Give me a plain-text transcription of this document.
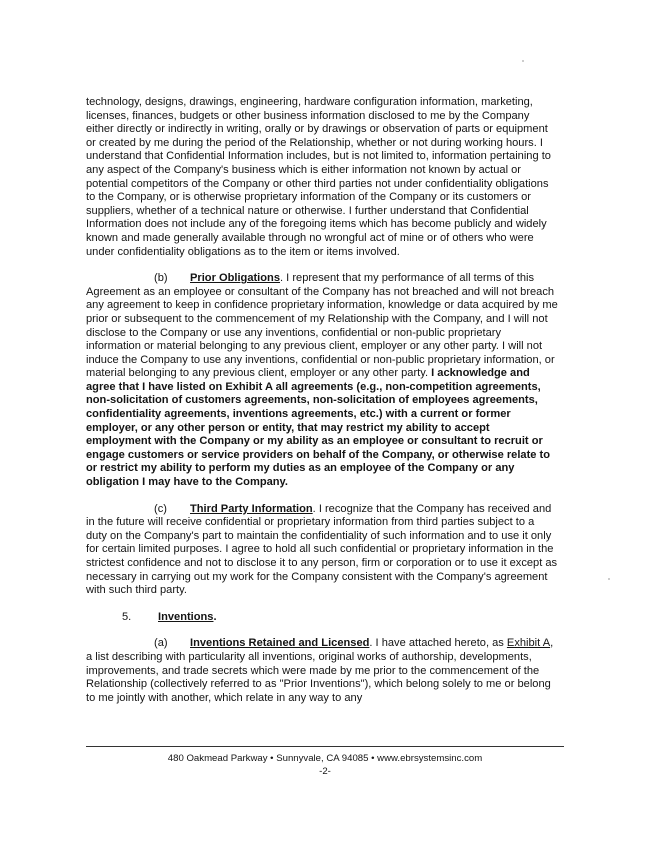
technology, designs, drawings, engineering, hardware configuration information, marketing, licenses, finances, budgets or other business information disclosed to me by the Company either directly or indirectly in writing, orally or by drawings or observation of parts or equipment or created by me during the period of the Relationship, whether or not during working hours. I understand that Confidential Information includes, but is not limited to, information pertaining to any aspect of the Company's business which is either information not known by actual or potential competitors of the Company or other third parties not under confidentiality obligations to the Company, or is otherwise proprietary information of the Company or its customers or suppliers, whether of a technical nature or otherwise. I further understand that Confidential Information does not include any of the foregoing items which has become publicly and widely known and made generally available through no wrongful act of mine or of others who were under confidentiality obligations as to the item or items involved.

(b) Prior Obligations. I represent that my performance of all terms of this Agreement as an employee or consultant of the Company has not breached and will not breach any agreement to keep in confidence proprietary information, knowledge or data acquired by me prior or subsequent to the commencement of my Relationship with the Company, and I will not disclose to the Company or use any inventions, confidential or non-public proprietary information or material belonging to any previous client, employer or any other party. I will not induce the Company to use any inventions, confidential or non-public proprietary information, or material belonging to any previous client, employer or any other party. I acknowledge and agree that I have listed on Exhibit A all agreements (e.g., non-competition agreements, non-solicitation of customers agreements, non-solicitation of employees agreements, confidentiality agreements, inventions agreements, etc.) with a current or former employer, or any other person or entity, that may restrict my ability to accept employment with the Company or my ability as an employee or consultant to recruit or engage customers or service providers on behalf of the Company, or otherwise relate to or restrict my ability to perform my duties as an employee of the Company or any obligation I may have to the Company.

(c) Third Party Information. I recognize that the Company has received and in the future will receive confidential or proprietary information from third parties subject to a duty on the Company's part to maintain the confidentiality of such information and to use it only for certain limited purposes. I agree to hold all such confidential or proprietary information in the strictest confidence and not to disclose it to any person, firm or corporation or to use it except as necessary in carrying out my work for the Company consistent with the Company's agreement with such third party.

5. Inventions.

(a) Inventions Retained and Licensed. I have attached hereto, as Exhibit A, a list describing with particularity all inventions, original works of authorship, developments, improvements, and trade secrets which were made by me prior to the commencement of the Relationship (collectively referred to as "Prior Inventions"), which belong solely to me or belong to me jointly with another, which relate in any way to any

480 Oakmead Parkway • Sunnyvale, CA 94085 • www.ebrsystemsinc.com
-2-
